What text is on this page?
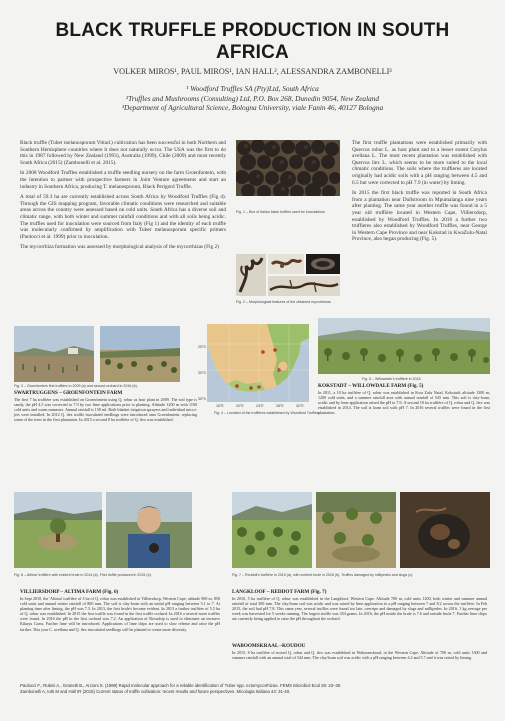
BLACK TRUFFLE PRODUCTION IN SOUTH
AFRICA
VOLKER MIROS¹, PAUL MIROS¹, IAN HALL², ALESSANDRA ZAMBONELLI³
¹ Woodford Truffles SA (Pty)Ltd, South Africa
²Truffles and Mushrooms (Consulting) Ltd, P.O. Box 268, Dunedin 9054, New Zealand
³Department of Agricultural Science, Bologna University, viale Fanin 46, 40127 Bologna

Black truffle (Tuber melanosporum Vittad.) cultivation has been successful in both Northern and Southern Hemisphere countries where it does not naturally occur. The USA was the first to do this in 1987 followed by New Zealand (1993), Australia (1999), Chile (2009) and most recently South Africa (2015) (Zambonelli et al. 2015).

In 2008 Woodford Truffles established a truffle seedling nursery on the farm Groenfontein, with the intention to partner with prospective farmers in Joint Venture agreements and start an industry in Southern Africa, producing T. melanosporum, Black Perigord Truffle.

A total of 59.3 ha are currently established across South Africa by Woodford Truffles (Fig 4). Through the GIS mapping program, favorable climatic conditions were researched and suitable areas across the country were assessed based on cold units. South Africa has a diverse soil and climatic range, with both winter and summer rainfall conditions and with all soils being acidic. The truffles used for inoculation were sourced from Italy (Fig 1) and the identity of each truffle was molecularly confirmed by amplification with Tuber melanosporum specific primers (Paolocci et al. 1999) prior to inoculation.

The mycorrhiza formation was assessed by morphological analysis of the mycorrhizas (Fig 2)

Fig. 1 – Box of Italian black truffles used for inoculations.
Fig. 2 – Morphological features of the obtained mycorrhizas.

The first truffle plantations were established primarily with Quercus robur L. as host plant and to a lesser extent Corylus avellana L. The most recent plantation was established with Quercus ilex L. which seems to be more suited to the local climatic conditions. The soils where the truffieres are located originally had acidic soils with a pH ranging between 4.5 and 6.5 but were corrected to pH 7.9 (in water) by liming.

In 2015 the first black truffle was reported in South Africa from a plantation near Dullstroom in Mpumalanga nine years after planting. The same year another truffle was found in a 5 year old truffière located in Western Cape, Villiersdorp, established by Woodford Truffles. In 2016 a further two truffieres also established by Woodford Truffles, near George in Western Cape Province and near Kokstad in KwaZulu-Natal Province, also began producing (Fig. 5).

Fig. 3 – Groenfontein first truffière in 2009 (a) and second orchard in 2016 (b).
SWARTRUGGENS – GROENFONTEIN FARM
The first 7 ha truffière was established on Groenfontein using Q. robur as host plant in 2009. The soil type is sandy, the pH 4.5 was corrected to 7.9 by two lime applications prior to planting. Altitude 1200 m with 1100 cold units and warm summers. Annual rainfall is 150 ml. Both blanket irrigation sprayers and individual micro-jets were installed. In 2012 Q. ilex truffle inoculated seedlings were introduced onto Groenfontein, replacing some of the trees in the first plantation. In 2015 a second 8 ha truffière of Q. ilex was established.
25°S
30°S
35°S
16°E	20°E	24°E	28°E	32°E
Fig. 4 – Location of the truffières established by Woodford Truffles.
Fig. 5 – Willowdale's truffière in 2015.
KOKSTADT – WILLOWDALE FARM (Fig. 5)
In 2011, a 10 ha truffière of Q. robur was established in Kwa Zulu Natal, Kokstadt, altitude 1300 m, 1200 cold units, and a summer rainfall area with annual rainfall of 545 mm. This soil is clay-loam, acidic and by lime application raised the pH to 7.9. A second 10 ha truffière of Q. robur and Q. ilex was established in 2014. The soil is loam soil with pH 7. In 2016 several truffles were found in the first plantation.
Fig. 6 – Altima' truffière with evident brule in 2014 (a). First truffle produced in 2015 (b).	Fig. 7 – Reddoit's truffière in 2015 (a), with evident brule in 2016 (b). Truffles damaged by millipedes and slugs (c).
VILLIERSDORP – ALTIMA FARM (Fig. 6)
In Sept 2010, the 'Altima' truffière of 3 ha of Q. robur was established in Villiersdorp, Western Cape, altitude 900 m, 850 cold units and annual winter rainfall of 800 mm. The soil is clay-loam with an initial pH ranging between 5.1 to 7. At planting time after liming, the pH was 7.3. In 2013, the first brule's became evident. In 2013 a further truffière of 5.5 ha of Q. robur was established. In 2015 the first truffle was found in the first truffle orchard. In 2016 a several more truffles were found. In 2016 the pH in the first orchard was 7.2. An application of Rosuchip is used to eliminate an invasive Kikuyu Grass. Further lime will be introduced. Applications of lime chips are used to slow release and raise the pH further. This year C. avellana and Q. ilex inoculated seedlings will be planted to create more diversity.
LANGKLOOF – REDDOT FARM (Fig. 7)
In 2010, 5 ha truffière of Q. robur was established in the Langkloof, Western Cape. Altitude 700 m, cold units 1200, both winter and summer annual rainfall of total 300 mm. The clay/loam soil was acidic and was raised by lime application to a pH ranging between 7 and 8.2 across the truffière. In Feb 2015, the soil had pH 7.8. This same year, several truffles were found too late, overripe and damaged by slugs and millipedes. In 2016, 1 kg average per week was harvested for 5 weeks running. The largest truffle was 354 grams. In 2016, the pH inside the brule is 7.6 and outside brule 7. Further lime chips are currently being applied to raise the pH throughout the orchard.
WABOOMSKRAAL –KOUDOU
In 2015, 8 ha truffière of mixed Q. robur and Q. ilex was established in Waboomskraal, in the Western Cape. Altitude of 700 m, cold units 1300 and summer rainfall with an annual total of 544 mm. The clay/loam soil was acidic with a pH ranging between 4.2 and 5.7 and it was raised by liming.
Paolocci F., Rubini A., Granetti B., Arcioni S. (1999) Rapid molecular approach for a reliable identification of Tuber spp. ectomycorrhizae. FEMS Microbiol Ecol 28: 23–30.
Zambonelli A, Iotti M and Hall IR (2015) Current status of truffle cultivation: recent results and future perspectives. Micologia Italiana 44: 31-40.
